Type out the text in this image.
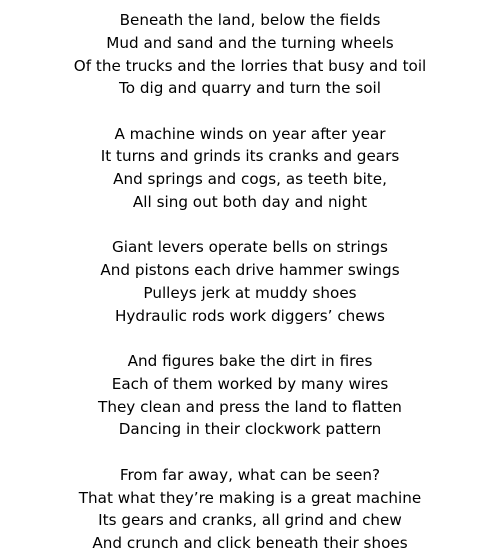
Beneath the land, below the fields
Mud and sand and the turning wheels
Of the trucks and the lorries that busy and toil
To dig and quarry and turn the soil
A machine winds on year after year
It turns and grinds its cranks and gears
And springs and cogs, as teeth bite,
All sing out both day and night
Giant levers operate bells on strings
And pistons each drive hammer swings
Pulleys jerk at muddy shoes
Hydraulic rods work diggers’ chews
And figures bake the dirt in fires
Each of them worked by many wires
They clean and press the land to flatten
Dancing in their clockwork pattern
From far away, what can be seen?
That what they’re making is a great machine
Its gears and cranks, all grind and chew
And crunch and click beneath their shoes
